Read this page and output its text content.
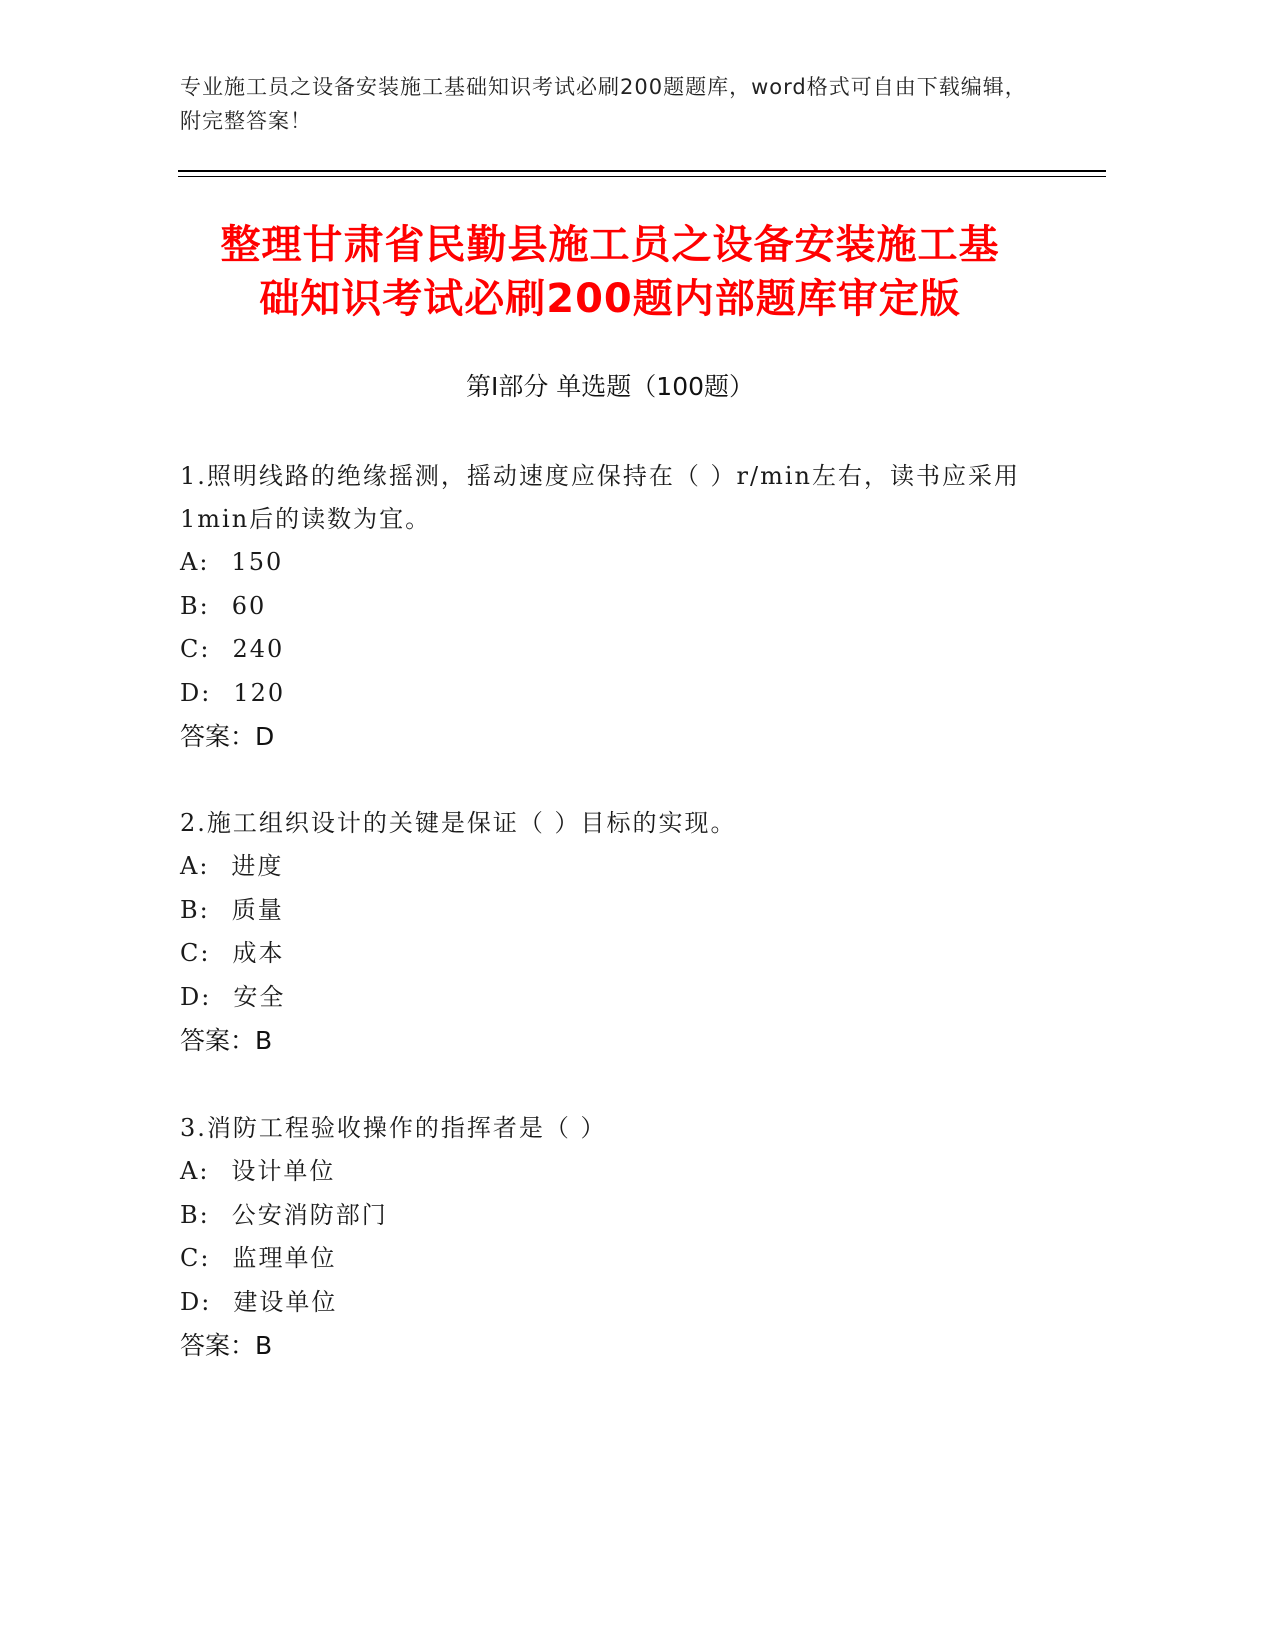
专业施工员之设备安装施工基础知识考试必刷200题题库，word格式可自由下载编辑，附完整答案！
整理甘肃省民勤县施工员之设备安装施工基
础知识考试必刷200题内部题库审定版
第Ⅰ部分 单选题（100题）
1.照明线路的绝缘摇测，摇动速度应保持在（ ）r/min左右，读书应采用1min后的读数为宜。
A: 150
B: 60
C: 240
D: 120
答案：D
2.施工组织设计的关键是保证（ ）目标的实现。
A: 进度
B: 质量
C: 成本
D: 安全
答案：B
3.消防工程验收操作的指挥者是（ ）
A: 设计单位
B: 公安消防部门
C: 监理单位
D: 建设单位
答案：B
